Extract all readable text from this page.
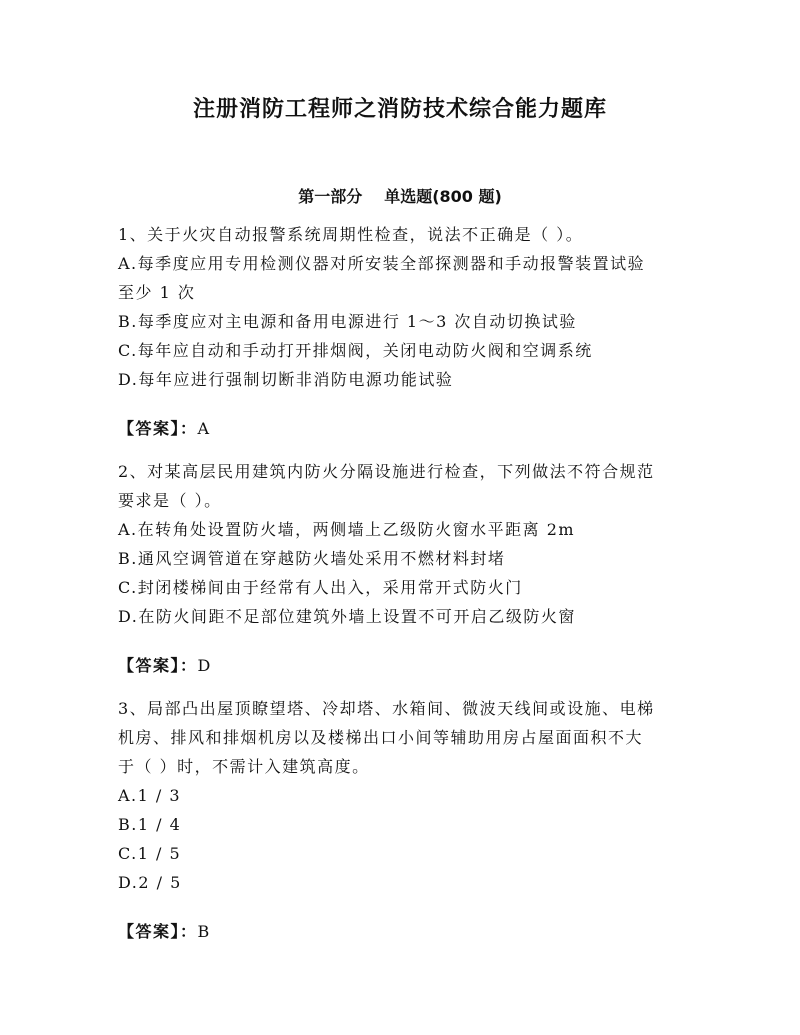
注册消防工程师之消防技术综合能力题库
第一部分 单选题(800 题)
1、关于火灾自动报警系统周期性检查，说法不正确是（ ）。
A.每季度应用专用检测仪器对所安装全部探测器和手动报警装置试验
至少 1 次
B.每季度应对主电源和备用电源进行 1～3 次自动切换试验
C.每年应自动和手动打开排烟阀，关闭电动防火阀和空调系统
D.每年应进行强制切断非消防电源功能试验
【答案】：A
2、对某高层民用建筑内防火分隔设施进行检查，下列做法不符合规范
要求是（ ）。
A.在转角处设置防火墙，两侧墙上乙级防火窗水平距离 2m
B.通风空调管道在穿越防火墙处采用不燃材料封堵
C.封闭楼梯间由于经常有人出入，采用常开式防火门
D.在防火间距不足部位建筑外墙上设置不可开启乙级防火窗
【答案】：D
3、局部凸出屋顶瞭望塔、冷却塔、水箱间、微波天线间或设施、电梯
机房、排风和排烟机房以及楼梯出口小间等辅助用房占屋面面积不大
于（ ）时，不需计入建筑高度。
A.1 / 3
B.1 / 4
C.1 / 5
D.2 / 5
【答案】：B
